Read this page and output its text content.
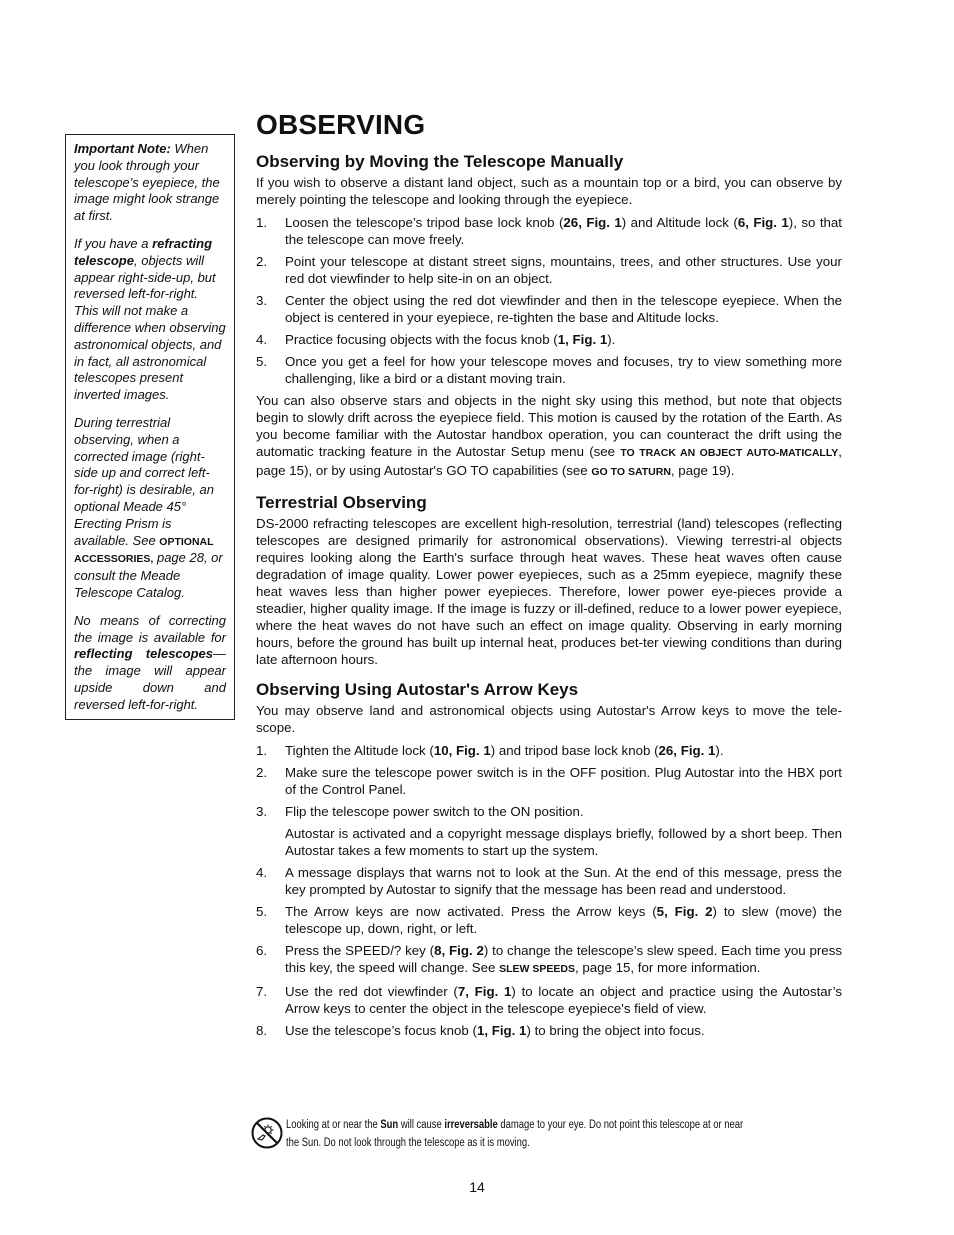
Important Note: When you look through your telescope’s eyepiece, the image might look strange at first.

If you have a refracting telescope, objects will appear right-side-up, but reversed left-for-right. This will not make a difference when observing astronomical objects, and in fact, all astronomical telescopes present inverted images.

During terrestrial observing, when a corrected image (right-side up and correct left-for-right) is desirable, an optional Meade 45° Erecting Prism is available. See OPTIONAL ACCESSORIES, page 28, or consult the Meade Telescope Catalog.

No means of correcting the image is available for reflecting telescopes—the image will appear upside down and reversed left-for-right.

OBSERVING
Observing by Moving the Telescope Manually

If you wish to observe a distant land object, such as a mountain top or a bird, you can observe by merely pointing the telescope and looking through the eyepiece.

1. Loosen the telescope’s tripod base lock knob (26, Fig. 1) and Altitude lock (6, Fig. 1), so that the telescope can move freely.
2. Point your telescope at distant street signs, mountains, trees, and other structures. Use your red dot viewfinder to help site-in on an object.
3. Center the object using the red dot viewfinder and then in the telescope eyepiece. When the object is centered in your eyepiece, re-tighten the base and Altitude locks.
4. Practice focusing objects with the focus knob (1, Fig. 1).
5. Once you get a feel for how your telescope moves and focuses, try to view something more challenging, like a bird or a distant moving train.

You can also observe stars and objects in the night sky using this method, but note that objects begin to slowly drift across the eyepiece field. This motion is caused by the rotation of the Earth. As you become familiar with the Autostar handbox operation, you can counteract the drift using the automatic tracking feature in the Autostar Setup menu (see TO TRACK AN OBJECT AUTO-MATICALLY, page 15), or by using Autostar's GO TO capabilities (see GO TO SATURN, page 19).

Terrestrial Observing

DS-2000 refracting telescopes are excellent high-resolution, terrestrial (land) telescopes (reflecting telescopes are designed primarily for astronomical observations). Viewing terrestri-al objects requires looking along the Earth's surface through heat waves. These heat waves often cause degradation of image quality. Lower power eyepieces, such as a 25mm eyepiece, magnify these heat waves less than higher power eyepieces. Therefore, lower power eye-pieces provide a steadier, higher quality image. If the image is fuzzy or ill-defined, reduce to a lower power eyepiece, where the heat waves do not have such an effect on image quality. Observing in early morning hours, before the ground has built up internal heat, produces bet-ter viewing conditions than during late afternoon hours.

Observing Using Autostar's Arrow Keys

You may observe land and astronomical objects using Autostar's Arrow keys to move the tele-scope.

1. Tighten the Altitude lock (10, Fig. 1) and tripod base lock knob (26, Fig. 1).
2. Make sure the telescope power switch is in the OFF position. Plug Autostar into the HBX port of the Control Panel.
3. Flip the telescope power switch to the ON position.

Autostar is activated and a copyright message displays briefly, followed by a short beep. Then Autostar takes a few moments to start up the system.

4. A message displays that warns not to look at the Sun. At the end of this message, press the key prompted by Autostar to signify that the message has been read and understood.
5. The Arrow keys are now activated. Press the Arrow keys (5, Fig. 2) to slew (move) the telescope up, down, right, or left.
6. Press the SPEED/? key (8, Fig. 2) to change the telescope’s slew speed. Each time you press this key, the speed will change. See SLEW SPEEDS, page 15, for more information.
7. Use the red dot viewfinder (7, Fig. 1) to locate an object and practice using the Autostar’s Arrow keys to center the object in the telescope eyepiece's field of view.
8. Use the telescope’s focus knob (1, Fig. 1) to bring the object into focus.
Looking at or near the Sun will cause irreversable damage to your eye. Do not point this telescope at or near the Sun. Do not look through the telescope as it is moving.
14
